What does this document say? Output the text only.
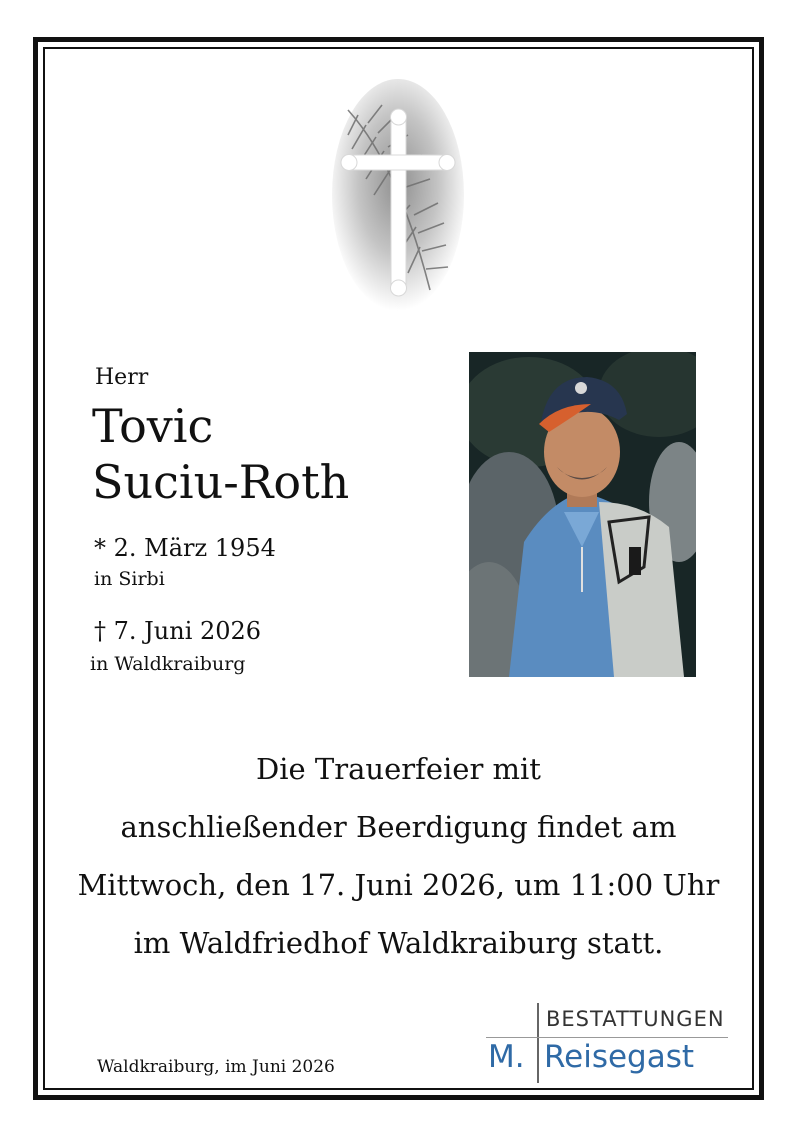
Herr
Tovic
Suciu-Roth
* 2. März 1954
in Sirbi
† 7. Juni 2026
in Waldkraiburg
Die Trauerfeier mit
anschließender Beerdigung findet am
Mittwoch, den 17. Juni 2026, um 11:00 Uhr
im Waldfriedhof Waldkraiburg statt.
Waldkraiburg, im Juni 2026
BESTATTUNGEN
M. Reisegast
